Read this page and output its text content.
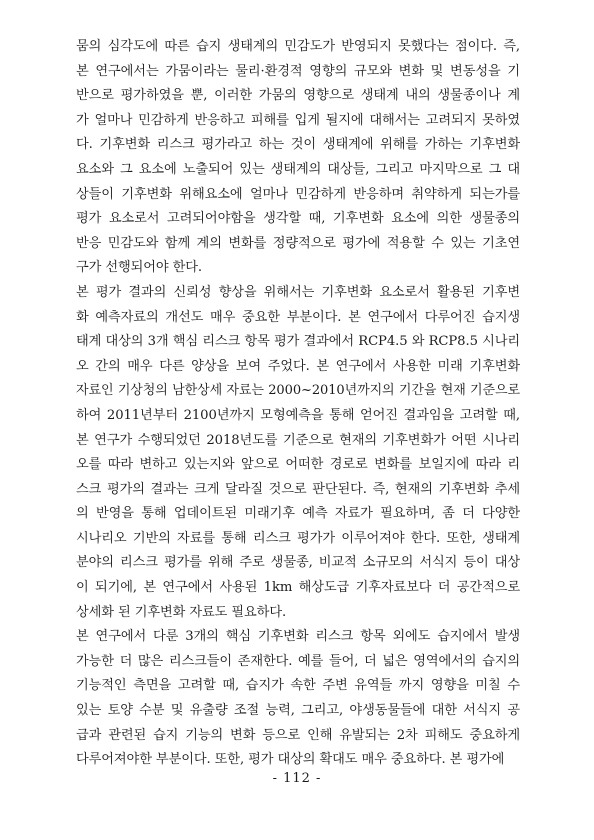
뭄의 심각도에 따른 습지 생태계의 민감도가 반영되지 못했다는 점이다. 즉,
본 연구에서는 가뭄이라는 물리·환경적 영향의 규모와 변화 및 변동성을 기
반으로 평가하였을 뿐, 이러한 가뭄의 영향으로 생태계 내의 생물종이나 계
가 얼마나 민감하게 반응하고 피해를 입게 될지에 대해서는 고려되지 못하였
다. 기후변화 리스크 평가라고 하는 것이 생태계에 위해를 가하는 기후변화
요소와 그 요소에 노출되어 있는 생태계의 대상들, 그리고 마지막으로 그 대
상들이 기후변화 위해요소에 얼마나 민감하게 반응하며 취약하게 되는가를
평가 요소로서 고려되어야함을 생각할 때, 기후변화 요소에 의한 생물종의
반응 민감도와 함께 계의 변화를 정량적으로 평가에 적용할 수 있는 기초연
구가 선행되어야 한다.

본 평가 결과의 신뢰성 향상을 위해서는 기후변화 요소로서 활용된 기후변
화 예측자료의 개선도 매우 중요한 부분이다. 본 연구에서 다루어진 습지생
태계 대상의 3개 핵심 리스크 항목 평가 결과에서 RCP4.5 와 RCP8.5 시나리
오 간의 매우 다른 양상을 보여 주었다. 본 연구에서 사용한 미래 기후변화
자료인 기상청의 남한상세 자료는 2000~2010년까지의 기간을 현재 기준으로
하여 2011년부터 2100년까지 모형예측을 통해 얻어진 결과임을 고려할 때,
본 연구가 수행되었던 2018년도를 기준으로 현재의 기후변화가 어떤 시나리
오를 따라 변하고 있는지와 앞으로 어떠한 경로로 변화를 보일지에 따라 리
스크 평가의 결과는 크게 달라질 것으로 판단된다. 즉, 현재의 기후변화 추세
의 반영을 통해 업데이트된 미래기후 예측 자료가 필요하며, 좀 더 다양한
시나리오 기반의 자료를 통해 리스크 평가가 이루어져야 한다. 또한, 생태계
분야의 리스크 평가를 위해 주로 생물종, 비교적 소규모의 서식지 등이 대상
이 되기에, 본 연구에서 사용된 1km 해상도급 기후자료보다 더 공간적으로
상세화 된 기후변화 자료도 필요하다.

본 연구에서 다룬 3개의 핵심 기후변화 리스크 항목 외에도 습지에서 발생
가능한 더 많은 리스크들이 존재한다. 예를 들어, 더 넓은 영역에서의 습지의
기능적인 측면을 고려할 때, 습지가 속한 주변 유역들 까지 영향을 미칠 수
있는 토양 수분 및 유출량 조절 능력, 그리고, 야생동물들에 대한 서식지 공
급과 관련된 습지 기능의 변화 등으로 인해 유발되는 2차 피해도 중요하게
다루어져야한 부분이다. 또한, 평가 대상의 확대도 매우 중요하다. 본 평가에

- 112 -
